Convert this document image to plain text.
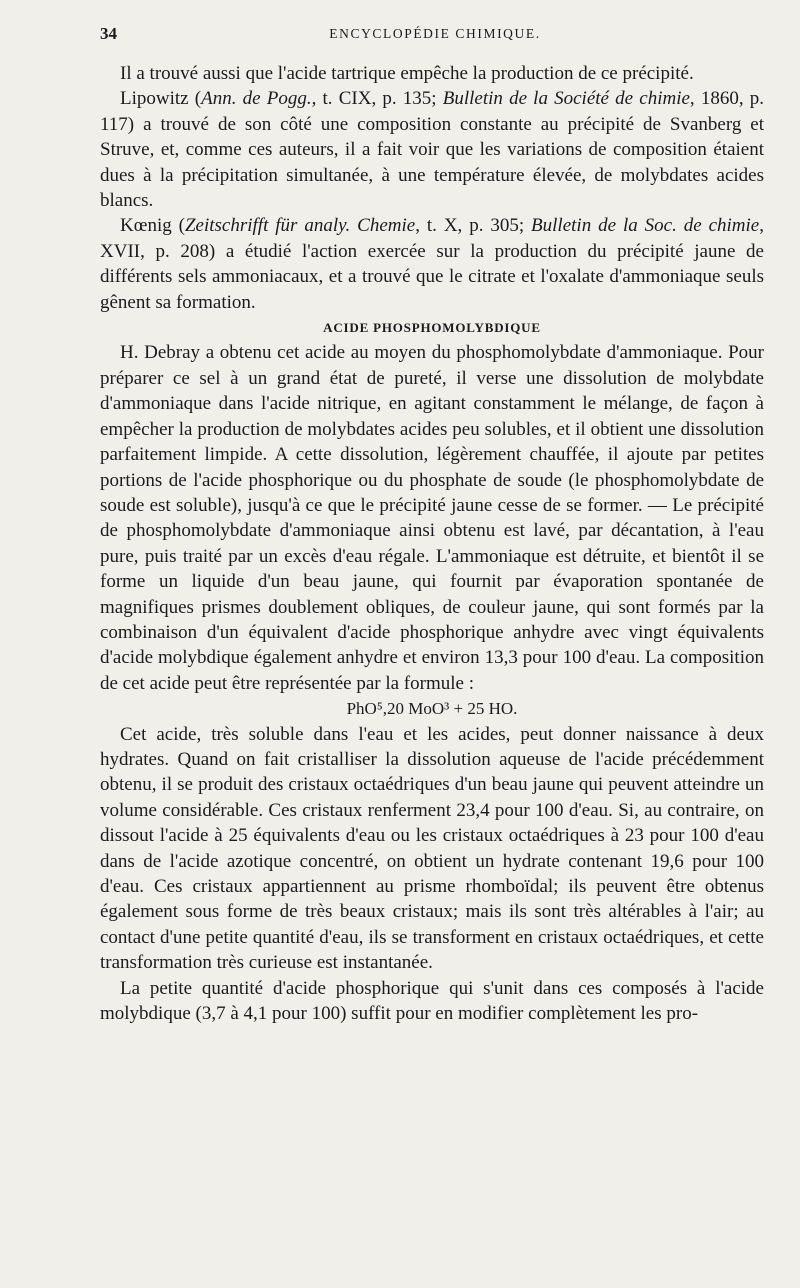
34	ENCYCLOPÉDIE CHIMIQUE.

Il a trouvé aussi que l'acide tartrique empêche la production de ce précipité.

Lipowitz (Ann. de Pogg., t. CIX, p. 135; Bulletin de la Société de chimie, 1860, p. 117) a trouvé de son côté une composition constante au précipité de Svanberg et Struve, et, comme ces auteurs, il a fait voir que les variations de composition étaient dues à la précipitation simultanée, à une température élevée, de molybdates acides blancs.

Kœnig (Zeitschrifft für analy. Chemie, t. X, p. 305; Bulletin de la Soc. de chimie, XVII, p. 208) a étudié l'action exercée sur la production du précipité jaune de différents sels ammoniacaux, et a trouvé que le citrate et l'oxalate d'ammoniaque seuls gênent sa formation.

ACIDE PHOSPHOMOLYBDIQUE

H. Debray a obtenu cet acide au moyen du phosphomolybdate d'ammoniaque. Pour préparer ce sel à un grand état de pureté, il verse une dissolution de molybdate d'ammoniaque dans l'acide nitrique, en agitant constamment le mélange, de façon à empêcher la production de molybdates acides peu solubles, et il obtient une dissolution parfaitement limpide. A cette dissolution, légèrement chauffée, il ajoute par petites portions de l'acide phosphorique ou du phosphate de soude (le phosphomolybdate de soude est soluble), jusqu'à ce que le précipité jaune cesse de se former. — Le précipité de phosphomolybdate d'ammoniaque ainsi obtenu est lavé, par décantation, à l'eau pure, puis traité par un excès d'eau régale. L'ammoniaque est détruite, et bientôt il se forme un liquide d'un beau jaune, qui fournit par évaporation spontanée de magnifiques prismes doublement obliques, de couleur jaune, qui sont formés par la combinaison d'un équivalent d'acide phosphorique anhydre avec vingt équivalents d'acide molybdique également anhydre et environ 13,3 pour 100 d'eau. La composition de cet acide peut être représentée par la formule :

PhO⁵,20 MoO³ + 25 HO.

Cet acide, très soluble dans l'eau et les acides, peut donner naissance à deux hydrates. Quand on fait cristalliser la dissolution aqueuse de l'acide précédemment obtenu, il se produit des cristaux octaédriques d'un beau jaune qui peuvent atteindre un volume considérable. Ces cristaux renferment 23,4 pour 100 d'eau. Si, au contraire, on dissout l'acide à 25 équivalents d'eau ou les cristaux octaédriques à 23 pour 100 d'eau dans de l'acide azotique concentré, on obtient un hydrate contenant 19,6 pour 100 d'eau. Ces cristaux appartiennent au prisme rhomboïdal; ils peuvent être obtenus également sous forme de très beaux cristaux; mais ils sont très altérables à l'air; au contact d'une petite quantité d'eau, ils se transforment en cristaux octaédriques, et cette transformation très curieuse est instantanée.

La petite quantité d'acide phosphorique qui s'unit dans ces composés à l'acide molybdique (3,7 à 4,1 pour 100) suffit pour en modifier complètement les pro-
